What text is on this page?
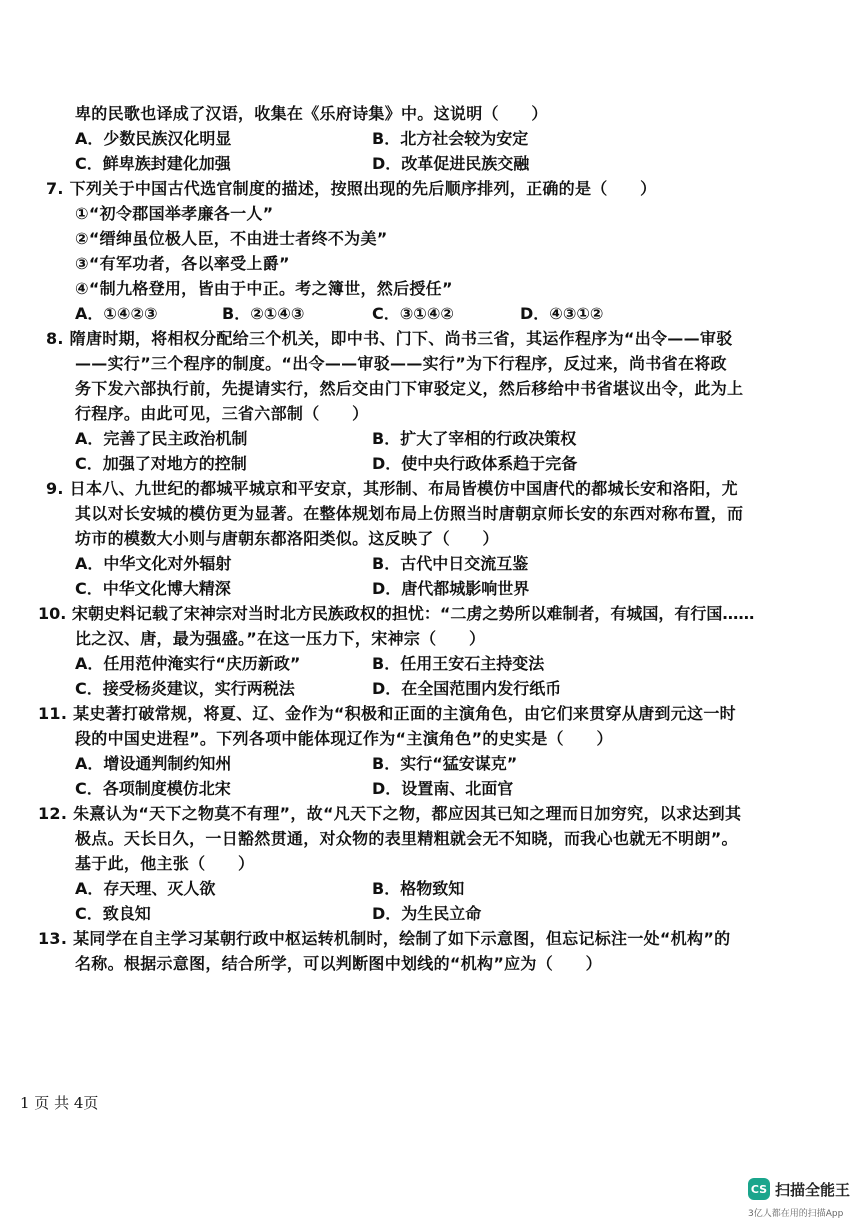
卑的民歌也译成了汉语，收集在《乐府诗集》中。这说明（　　）
A．少数民族汉化明显	B．北方社会较为安定
C．鲜卑族封建化加强	D．改革促进民族交融
7. 下列关于中国古代选官制度的描述，按照出现的先后顺序排列，正确的是（　　）
①“初令郡国举孝廉各一人”
②“缙绅虽位极人臣，不由进士者终不为美”
③“有军功者，各以率受上爵”
④“制九格登用，皆由于中正。考之簿世，然后授任”
A．①④②③	B．②①④③	C．③①④②	D．④③①②
8. 隋唐时期，将相权分配给三个机关，即中书、门下、尚书三省，其运作程序为“出令——审驳
——实行”三个程序的制度。“出令——审驳——实行”为下行程序，反过来，尚书省在将政
务下发六部执行前，先提请实行，然后交由门下审驳定义，然后移给中书省堪议出令，此为上
行程序。由此可见，三省六部制（　　）
A．完善了民主政治机制	B．扩大了宰相的行政决策权
C．加强了对地方的控制	D．使中央行政体系趋于完备
9. 日本八、九世纪的都城平城京和平安京，其形制、布局皆模仿中国唐代的都城长安和洛阳，尤
其以对长安城的模仿更为显著。在整体规划布局上仿照当时唐朝京师长安的东西对称布置，而
坊市的模数大小则与唐朝东都洛阳类似。这反映了（　　）
A．中华文化对外辐射	B．古代中日交流互鉴
C．中华文化博大精深	D．唐代都城影响世界
10. 宋朝史料记载了宋神宗对当时北方民族政权的担忧：“二虏之势所以难制者，有城国，有行国……
比之汉、唐，最为强盛。”在这一压力下，宋神宗（　　）
A．任用范仲淹实行“庆历新政”	B．任用王安石主持变法
C．接受杨炎建议，实行两税法	D．在全国范围内发行纸币
11. 某史著打破常规，将夏、辽、金作为“积极和正面的主演角色，由它们来贯穿从唐到元这一时
段的中国史进程”。下列各项中能体现辽作为“主演角色”的史实是（　　）
A．增设通判制约知州	B．实行“猛安谋克”
C．各项制度模仿北宋	D．设置南、北面官
12. 朱熹认为“天下之物莫不有理”，故“凡天下之物，都应因其已知之理而日加穷究，以求达到其
极点。天长日久，一日豁然贯通，对众物的表里精粗就会无不知晓，而我心也就无不明朗”。
基于此，他主张（　　）
A．存天理、灭人欲	B．格物致知
C．致良知	D．为生民立命
13. 某同学在自主学习某朝行政中枢运转机制时，绘制了如下示意图，但忘记标注一处“机构”的
名称。根据示意图，结合所学，可以判断图中划线的“机构”应为（　　）
1 页 共 4页
CS 扫描全能王
3亿人都在用的扫描App
